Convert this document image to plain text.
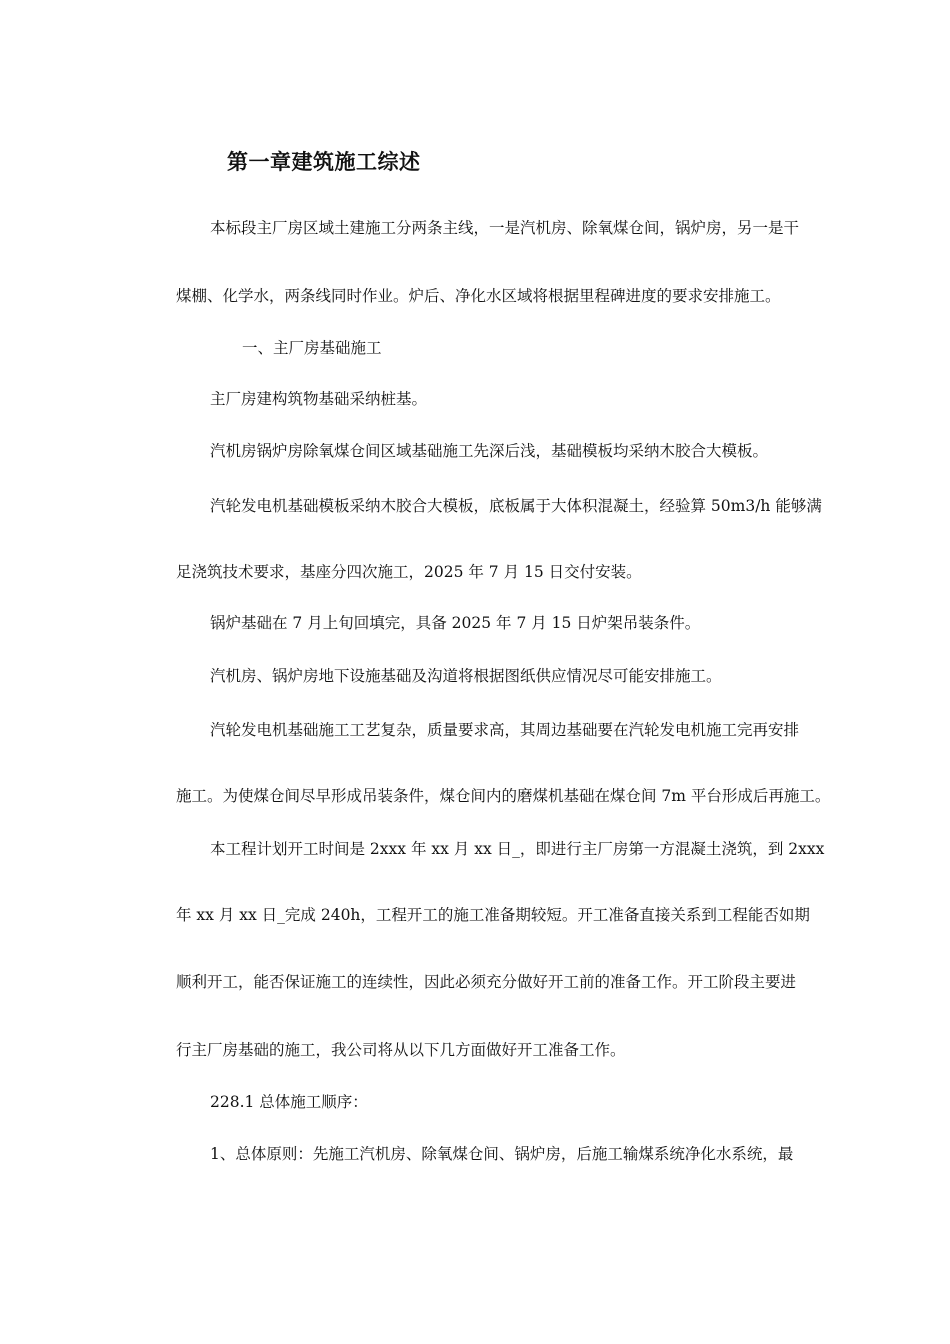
第一章建筑施工综述
本标段主厂房区域土建施工分两条主线，一是汽机房、除氧煤仓间，锅炉房，另一是干
煤棚、化学水，两条线同时作业。炉后、净化水区域将根据里程碑进度的要求安排施工。
一、主厂房基础施工
主厂房建构筑物基础采纳桩基。
汽机房锅炉房除氧煤仓间区域基础施工先深后浅，基础模板均采纳木胶合大模板。
汽轮发电机基础模板采纳木胶合大模板，底板属于大体积混凝土，经验算 50m3/h 能够满
足浇筑技术要求，基座分四次施工，2025 年 7 月 15 日交付安装。
锅炉基础在 7 月上旬回填完，具备 2025 年 7 月 15 日炉架吊装条件。
汽机房、锅炉房地下设施基础及沟道将根据图纸供应情况尽可能安排施工。
汽轮发电机基础施工工艺复杂，质量要求高，其周边基础要在汽轮发电机施工完再安排
施工。为使煤仓间尽早形成吊装条件，煤仓间内的磨煤机基础在煤仓间 7m 平台形成后再施工。
本工程计划开工时间是 2xxx 年 xx 月 xx 日_，即进行主厂房第一方混凝土浇筑，到 2xxx
年 xx 月 xx 日_完成 240h，工程开工的施工准备期较短。开工准备直接关系到工程能否如期
顺利开工，能否保证施工的连续性，因此必须充分做好开工前的准备工作。开工阶段主要进
行主厂房基础的施工，我公司将从以下几方面做好开工准备工作。
228.1 总体施工顺序：
1、总体原则：先施工汽机房、除氧煤仓间、锅炉房，后施工输煤系统净化水系统，最
